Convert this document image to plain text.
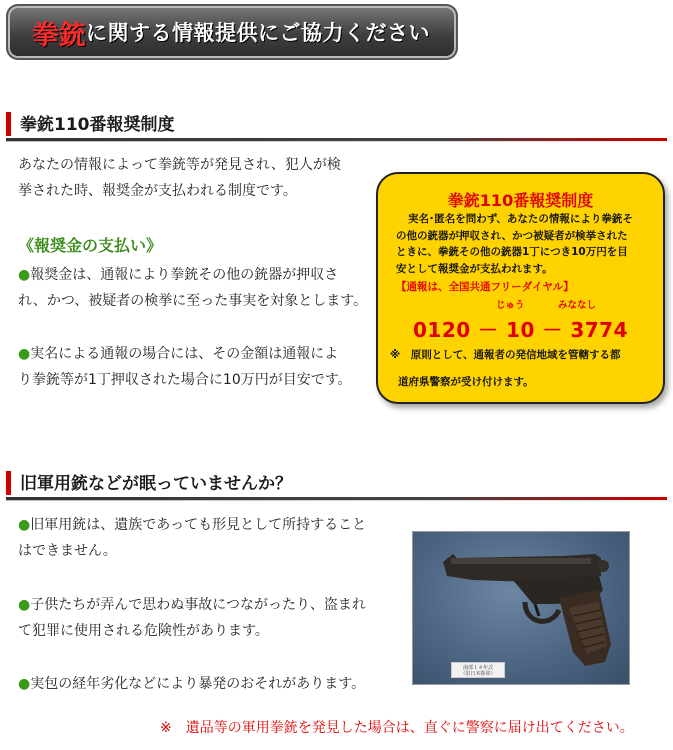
拳銃 に関する情報提供にご協力ください
拳銃110番報奨制度
あなたの情報によって拳銃等が発見され、犯人が検
挙された時、報奨金が支払われる制度です。
《報奨金の支払い》
●報奨金は、通報により拳銃その他の銃器が押収さ
れ、かつ、被疑者の検挙に至った事実を対象とします。
●実名による通報の場合には、その金額は通報によ
り拳銃等が1丁押収された場合に10万円が目安です。
拳銃110番報奨制度
実名･匿名を問わず、あなたの情報により拳銃そ
の他の銃器が押収され、かつ被疑者が検挙された
ときに、拳銃その他の銃器1丁につき10万円を目
安として報奨金が支払われます。
【通報は、全国共通フリーダイヤル】
じゅう	みななし
0120 － 10 － 3774
※　原則として、通報者の発信地域を管轄する都
道府県警察が受け付けます。
旧軍用銃などが眠っていませんか？
●旧軍用銃は、遺族であっても形見として所持すること
はできません。
●子供たちが弄んで思わぬ事故につながったり、盗まれ
て犯罪に使用される危険性があります。
●実包の経年劣化などにより暴発のおそれがあります。
南部１４年式
（旧日本陸軍）
※　遺品等の軍用拳銃を発見した場合は、直ぐに警察に届け出てください。
